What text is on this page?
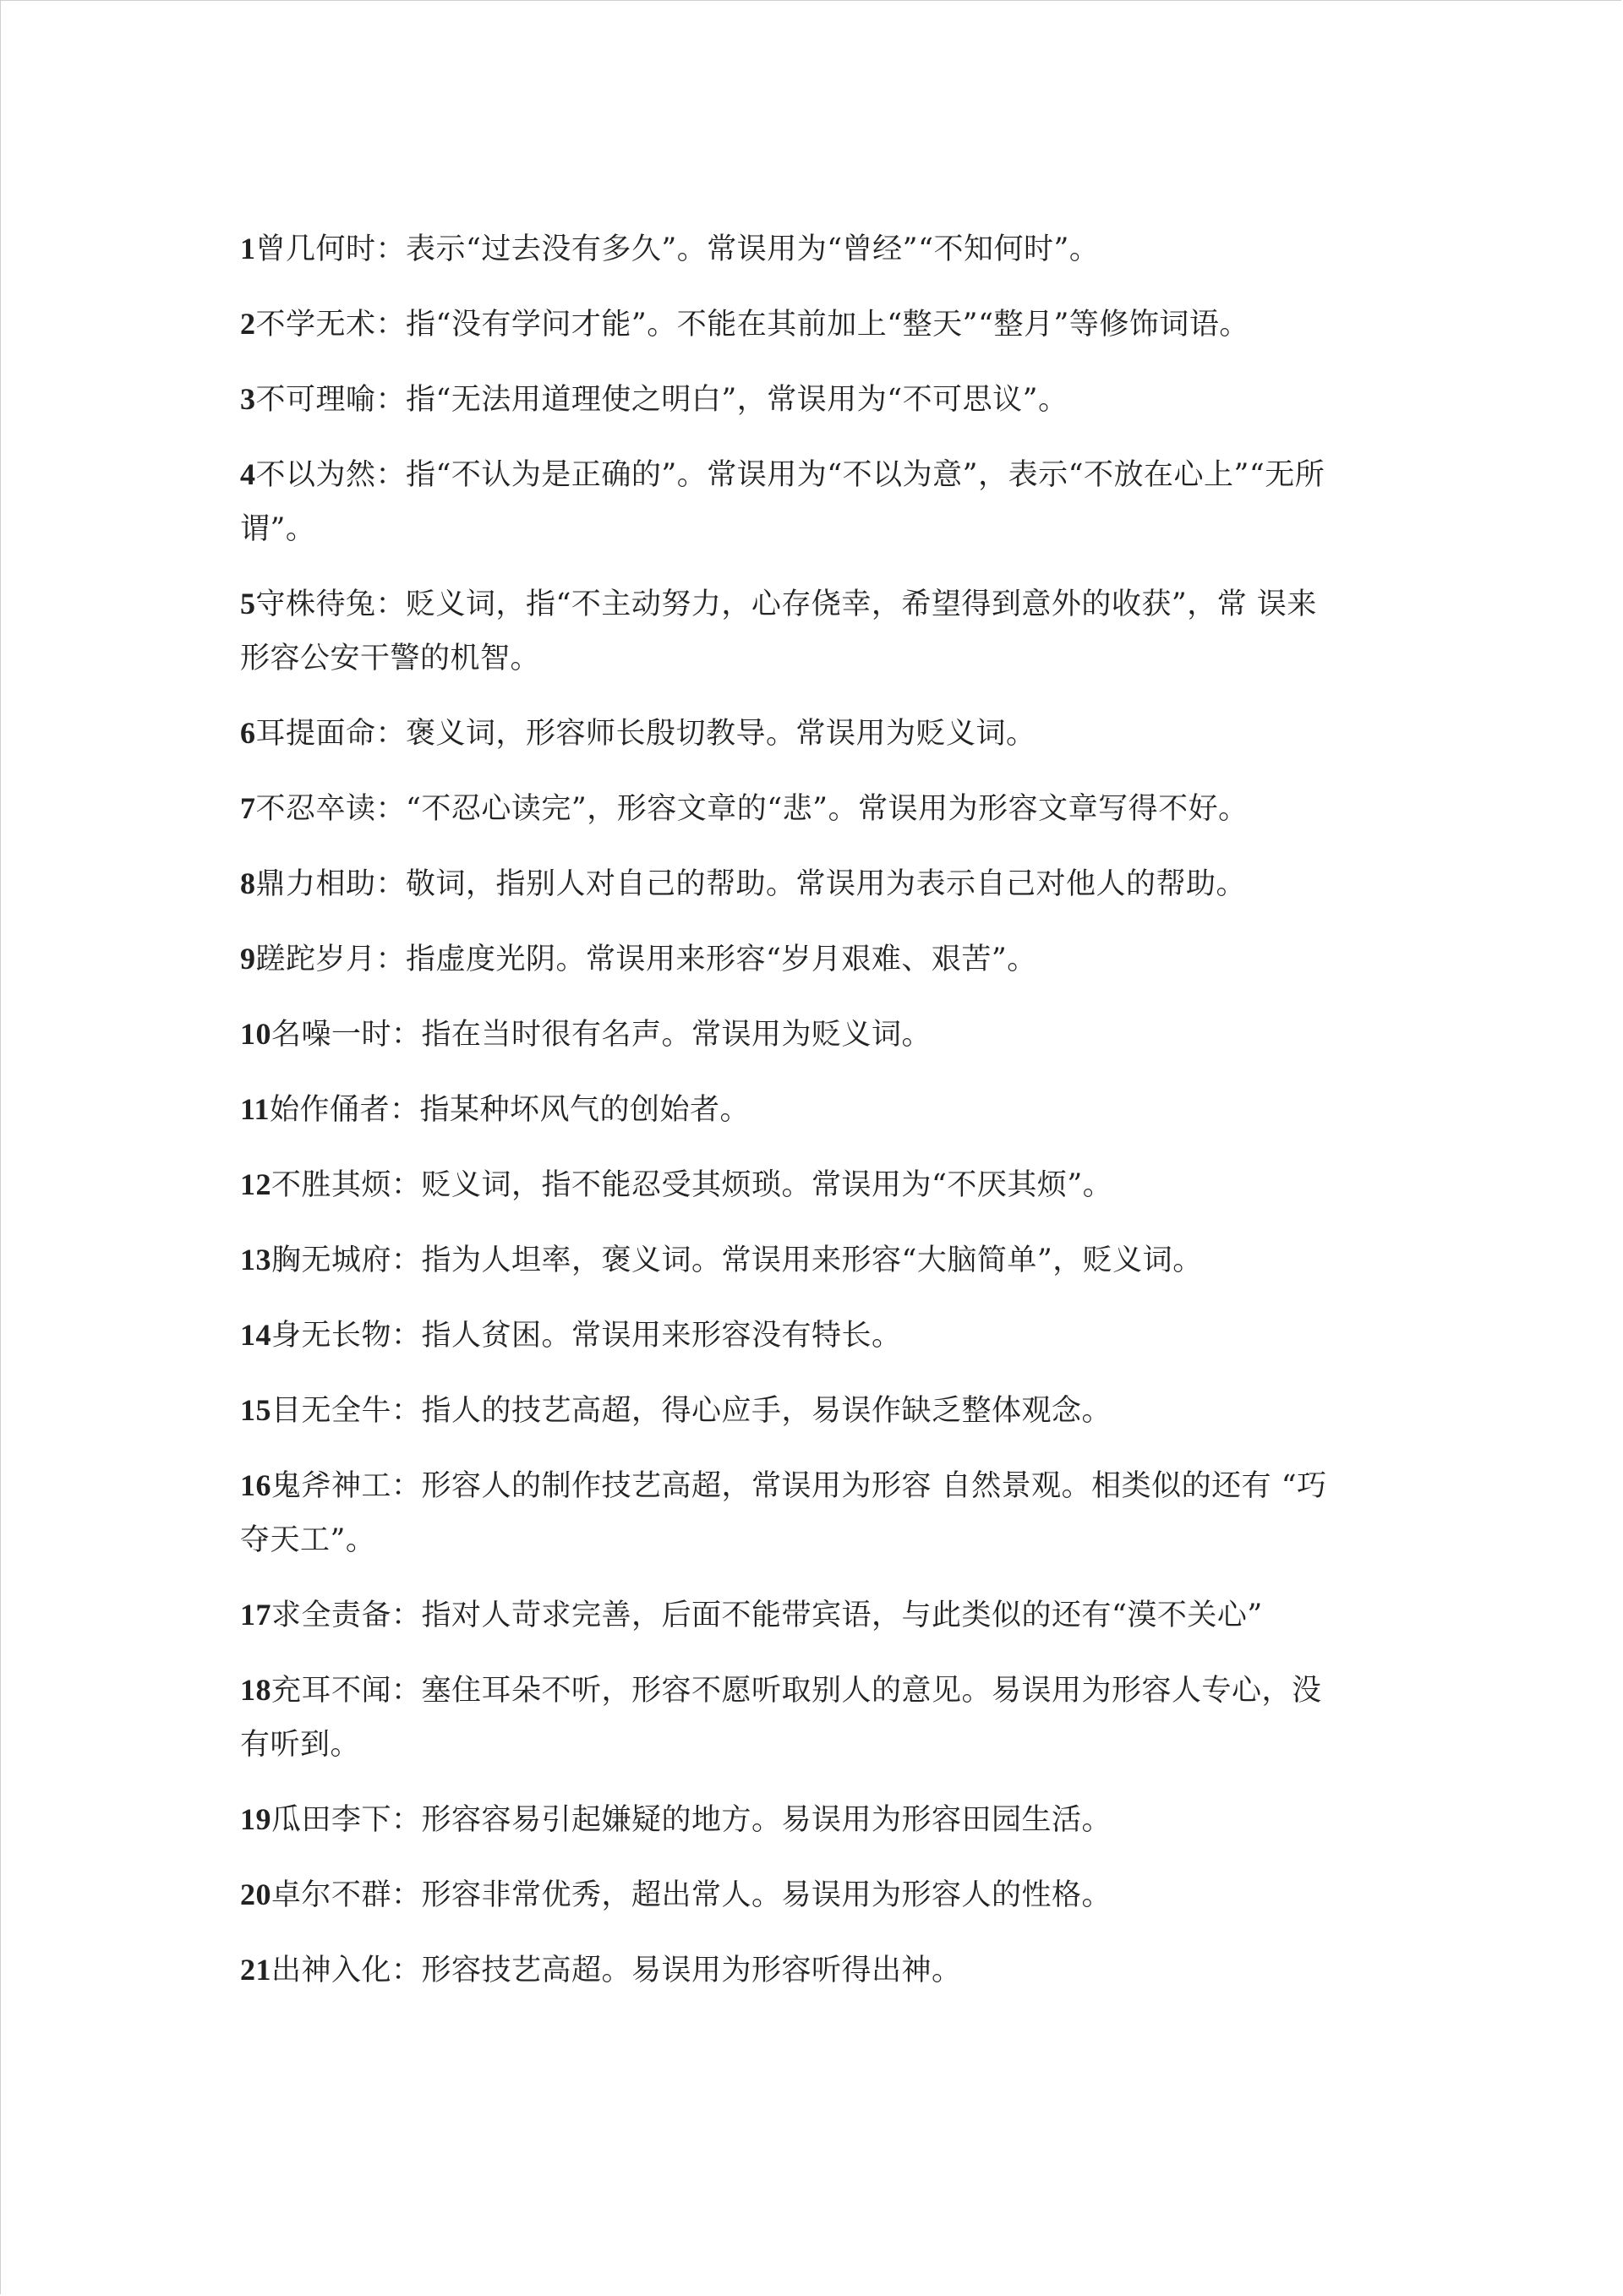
1曾几何时：表示“过去没有多久”。常误用为“曾经”“不知何时”。

2不学无术：指“没有学问才能”。不能在其前加上“整天”“整月”等修饰词语。

3不可理喻：指“无法用道理使之明白”，常误用为“不可思议”。

4不以为然：指“不认为是正确的”。常误用为“不以为意”，表示“不放在心上”“无所谓”。

5守株待兔：贬义词，指“不主动努力，心存侥幸，希望得到意外的收获”，常 误来形容公安干警的机智。

6耳提面命：褒义词，形容师长殷切教导。常误用为贬义词。

7不忍卒读：“不忍心读完”，形容文章的“悲”。常误用为形容文章写得不好。

8鼎力相助：敬词，指别人对自己的帮助。常误用为表示自己对他人的帮助。

9蹉跎岁月：指虚度光阴。常误用来形容“岁月艰难、艰苦”。

10名噪一时：指在当时很有名声。常误用为贬义词。

11始作俑者：指某种坏风气的创始者。

12不胜其烦：贬义词，指不能忍受其烦琐。常误用为“不厌其烦”。

13胸无城府：指为人坦率，褒义词。常误用来形容“大脑简单”，贬义词。

14身无长物：指人贫困。常误用来形容没有特长。

15目无全牛：指人的技艺高超，得心应手，易误作缺乏整体观念。

16鬼斧神工：形容人的制作技艺高超，常误用为形容 自然景观。相类似的还有 “巧夺天工”。

17求全责备：指对人苛求完善，后面不能带宾语，与此类似的还有“漠不关心”

18充耳不闻：塞住耳朵不听，形容不愿听取别人的意见。易误用为形容人专心，没有听到。

19瓜田李下：形容容易引起嫌疑的地方。易误用为形容田园生活。

20卓尔不群：形容非常优秀，超出常人。易误用为形容人的性格。

21出神入化：形容技艺高超。易误用为形容听得出神。
